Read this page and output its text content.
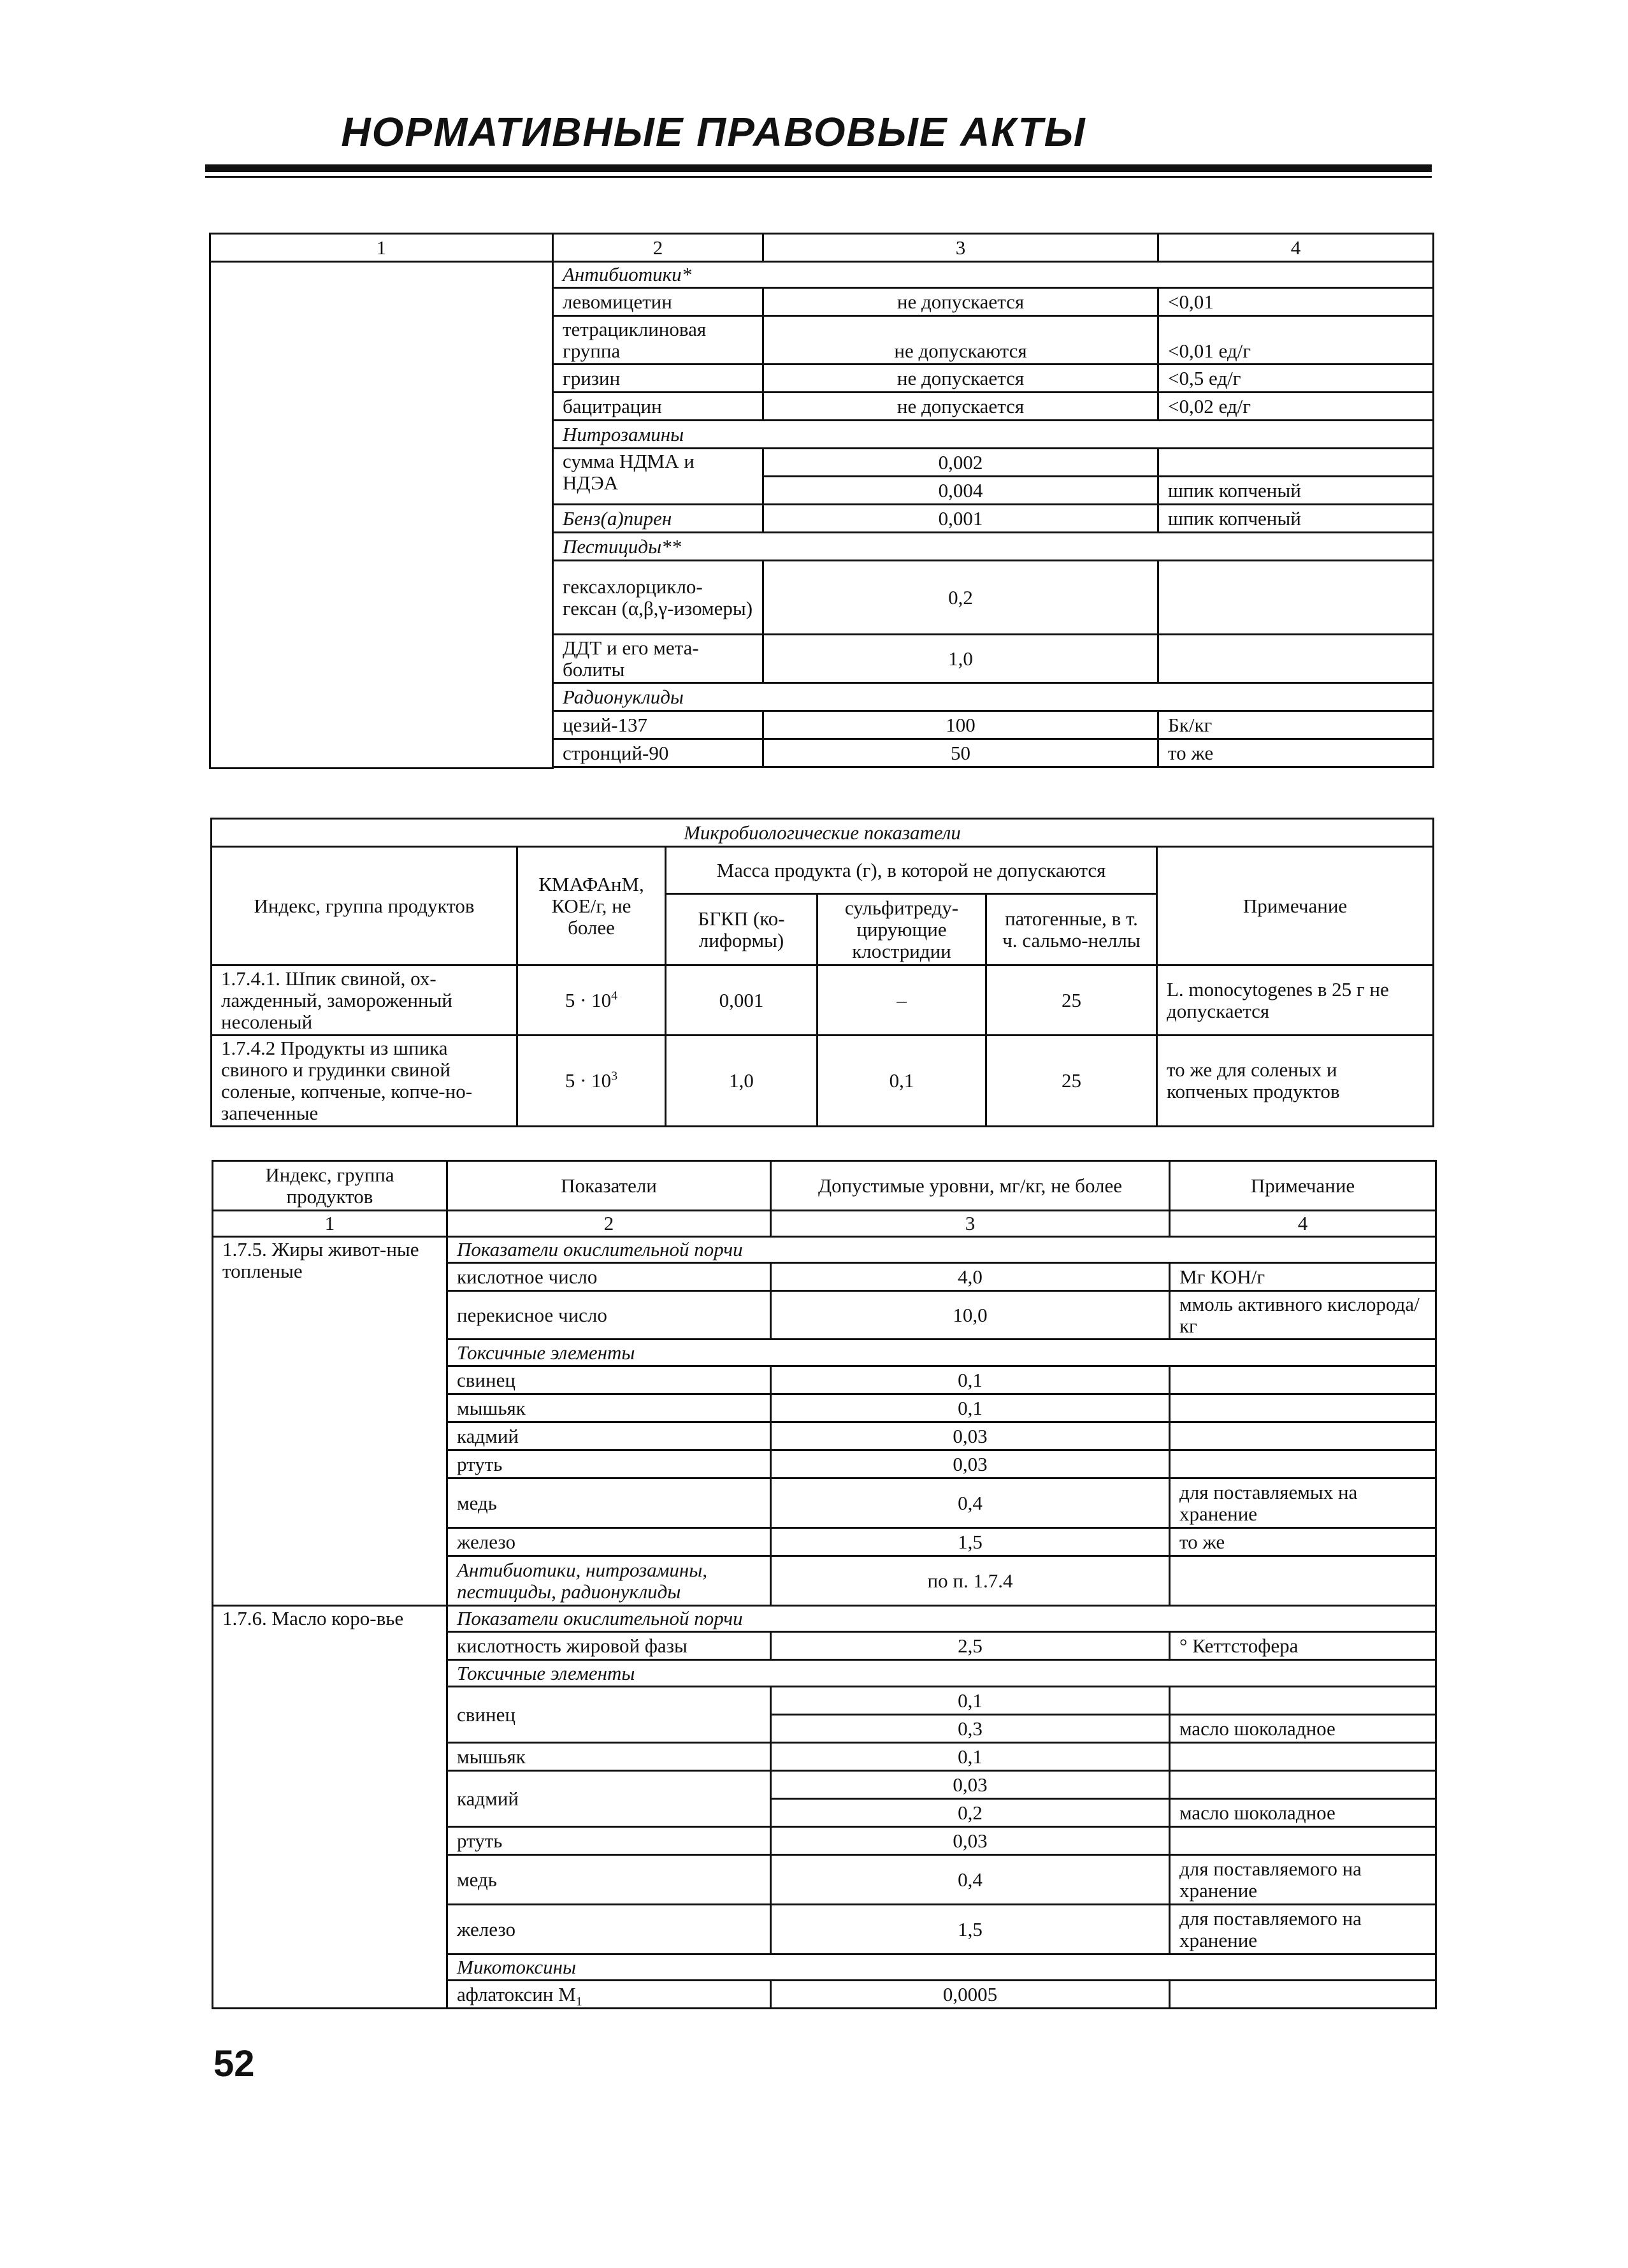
НОРМАТИВНЫЕ ПРАВОВЫЕ АКТЫ
1	2	3	4
	Антибиотики*		
	левомицетин	не допускается	<0,01
	тетрациклиновая группа	не допускаются	<0,01 ед/г
	гризин	не допускается	<0,5 ед/г
	бацитрацин	не допускается	<0,02 ед/г
	Нитрозамины		
	сумма НДМА и НДЭА	0,002	
		0,004	шпик копченый
	Бенз(а)пирен	0,001	шпик копченый
	Пестициды**		
	гексахлорцикло-гексан (α,β,γ-изомеры)	0,2	
	ДДТ и его мета-болиты	1,0	
	Радионуклиды		
	цезий-137	100	Бк/кг
	стронций-90	50	то же

Микробиологические показатели					
Индекс, группа продуктов	КМАФАнМ, КОЕ/г, не более	Масса продукта (г), в которой не допускаются			Примечание
		БГКП (ко-лиформы)	сульфитреду-цирующие клостридии	патогенные, в т. ч. сальмо-неллы	
1.7.4.1. Шпик свиной, ох-лажденный, замороженный несоленый	$5 \cdot 10^4$	0,001	–	25	L. monocytogenes в 25 г не допускается
1.7.4.2 Продукты из шпика свиного и грудинки свиной соленые, копченые, копче-но-запеченные	$5 \cdot 10^3$	1,0	0,1	25	то же для соленых и копченых продуктов
Индекс, группа продуктов	Показатели	Допустимые уровни, мг/кг, не более	Примечание
1	2	3	4
1.7.5. Жиры живот-ные топленые	Показатели окислительной порчи		
	кислотное число	4,0	Мг КОН/г
	перекисное число	10,0	ммоль активного кислорода/кг
	Токсичные элементы		
	свинец	0,1	
	мышьяк	0,1	
	кадмий	0,03	
	ртуть	0,03	
	медь	0,4	для поставляемых на хранение
	железо	1,5	то же
	Антибиотики, нитрозамины, пестициды, радионуклиды	по п. 1.7.4	
1.7.6. Масло коро-вье	Показатели окислительной порчи		
	кислотность жировой фазы	2,5	° Кеттстофера
	Токсичные элементы		
	свинец	0,1	
		0,3	масло шоколадное
	мышьяк	0,1	
	кадмий	0,03	
		0,2	масло шоколадное
	ртуть	0,03	
	медь	0,4	для поставляемого на хранение
	железо	1,5	для поставляемого на хранение
	Микотоксины		
	афлатоксин $M_1$	0,0005	
52
